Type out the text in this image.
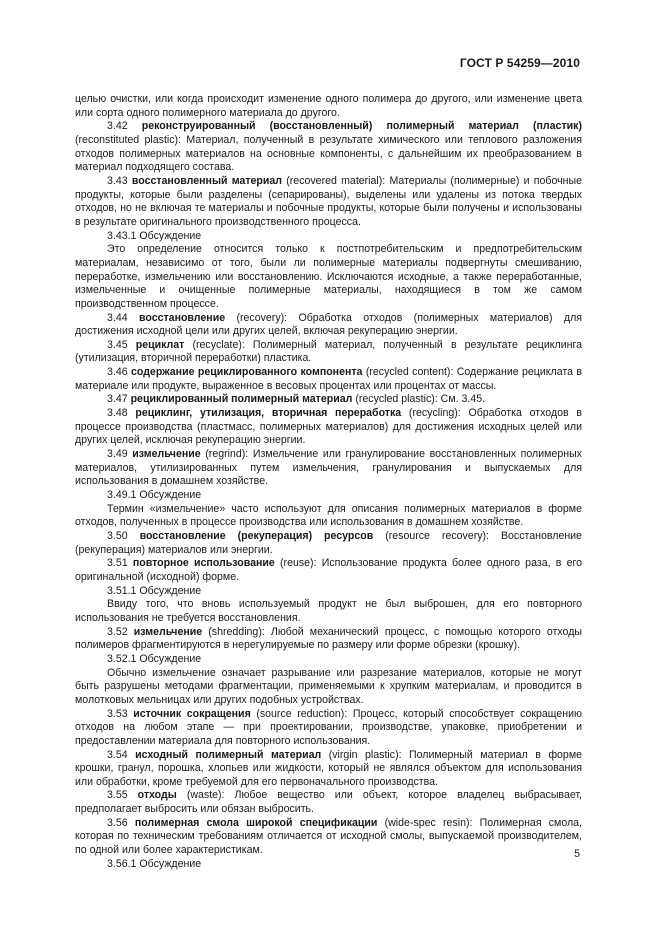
ГОСТ Р 54259—2010

целью очистки, или когда происходит изменение одного полимера до другого, или изменение цвета или сорта одного полимерного материала до другого.

3.42 реконструированный (восстановленный) полимерный материал (пластик) (reconstituted plastic): Материал, полученный в результате химического или теплового разложения отходов полимерных материалов на основные компоненты, с дальнейшим их преобразованием в материал подходящего состава.

3.43 восстановленный материал (recovered material): Материалы (полимерные) и побочные продукты, которые были разделены (сепарированы), выделены или удалены из потока твердых отходов, но не включая те материалы и побочные продукты, которые были получены и использованы в результате оригинального производственного процесса.

3.43.1 Обсуждение

Это определение относится только к постпотребительским и предпотребительским материалам, независимо от того, были ли полимерные материалы подвергнуты смешиванию, переработке, измельчению или восстановлению. Исключаются исходные, а также переработанные, измельченные и очищенные полимерные материалы, находящиеся в том же самом производственном процессе.

3.44 восстановление (recovery): Обработка отходов (полимерных материалов) для достижения исходной цели или других целей, включая рекуперацию энергии.

3.45 рециклат (recyclate): Полимерный материал, полученный в результате рециклинга (утилизация, вторичной переработки) пластика.

3.46 содержание рециклированного компонента (recycled content): Содержание рециклата в материале или продукте, выраженное в весовых процентах или процентах от массы.

3.47 рециклированный полимерный материал (recycled plastic): См. 3.45.

3.48 рециклинг, утилизация, вторичная переработка (recycling): Обработка отходов в процессе производства (пластмасс, полимерных материалов) для достижения исходных целей или других целей, исключая рекуперацию энергии.

3.49 измельчение (regrind): Измельчение или гранулирование восстановленных полимерных материалов, утилизированных путем измельчения, гранулирования и выпускаемых для использования в домашнем хозяйстве.

3.49.1 Обсуждение

Термин «измельчение» часто используют для описания полимерных материалов в форме отходов, полученных в процессе производства или использования в домашнем хозяйстве.

3.50 восстановление (рекуперация) ресурсов (resource recovery): Восстановление (рекуперация) материалов или энергии.

3.51 повторное использование (reuse): Использование продукта более одного раза, в его оригинальной (исходной) форме.

3.51.1 Обсуждение

Ввиду того, что вновь используемый продукт не был выброшен, для его повторного использования не требуется восстановления.

3.52 измельчение (shredding): Любой механический процесс, с помощью которого отходы полимеров фрагментируются в нерегулируемые по размеру или форме обрезки (крошку).

3.52.1 Обсуждение

Обычно измельчение означает разрывание или разрезание материалов, которые не могут быть разрушены методами фрагментации, применяемыми к хрупким материалам, и проводится в молотковых мельницах или других подобных устройствах.

3.53 источник сокращения (source reduction): Процесс, который способствует сокращению отходов на любом этапе — при проектировании, производстве, упаковке, приобретении и предоставлении материала для повторного использования.

3.54 исходный полимерный материал (virgin plastic): Полимерный материал в форме крошки, гранул, порошка, хлопьев или жидкости, который не являлся объектом для использования или обработки, кроме требуемой для его первоначального производства.

3.55 отходы (waste): Любое вещество или объект, которое владелец выбрасывает, предполагает выбросить или обязан выбросить.

3.56 полимерная смола широкой спецификации (wide-spec resin): Полимерная смола, которая по техническим требованиям отличается от исходной смолы, выпускаемой производителем, по одной или более характеристикам.

3.56.1 Обсуждение

5
